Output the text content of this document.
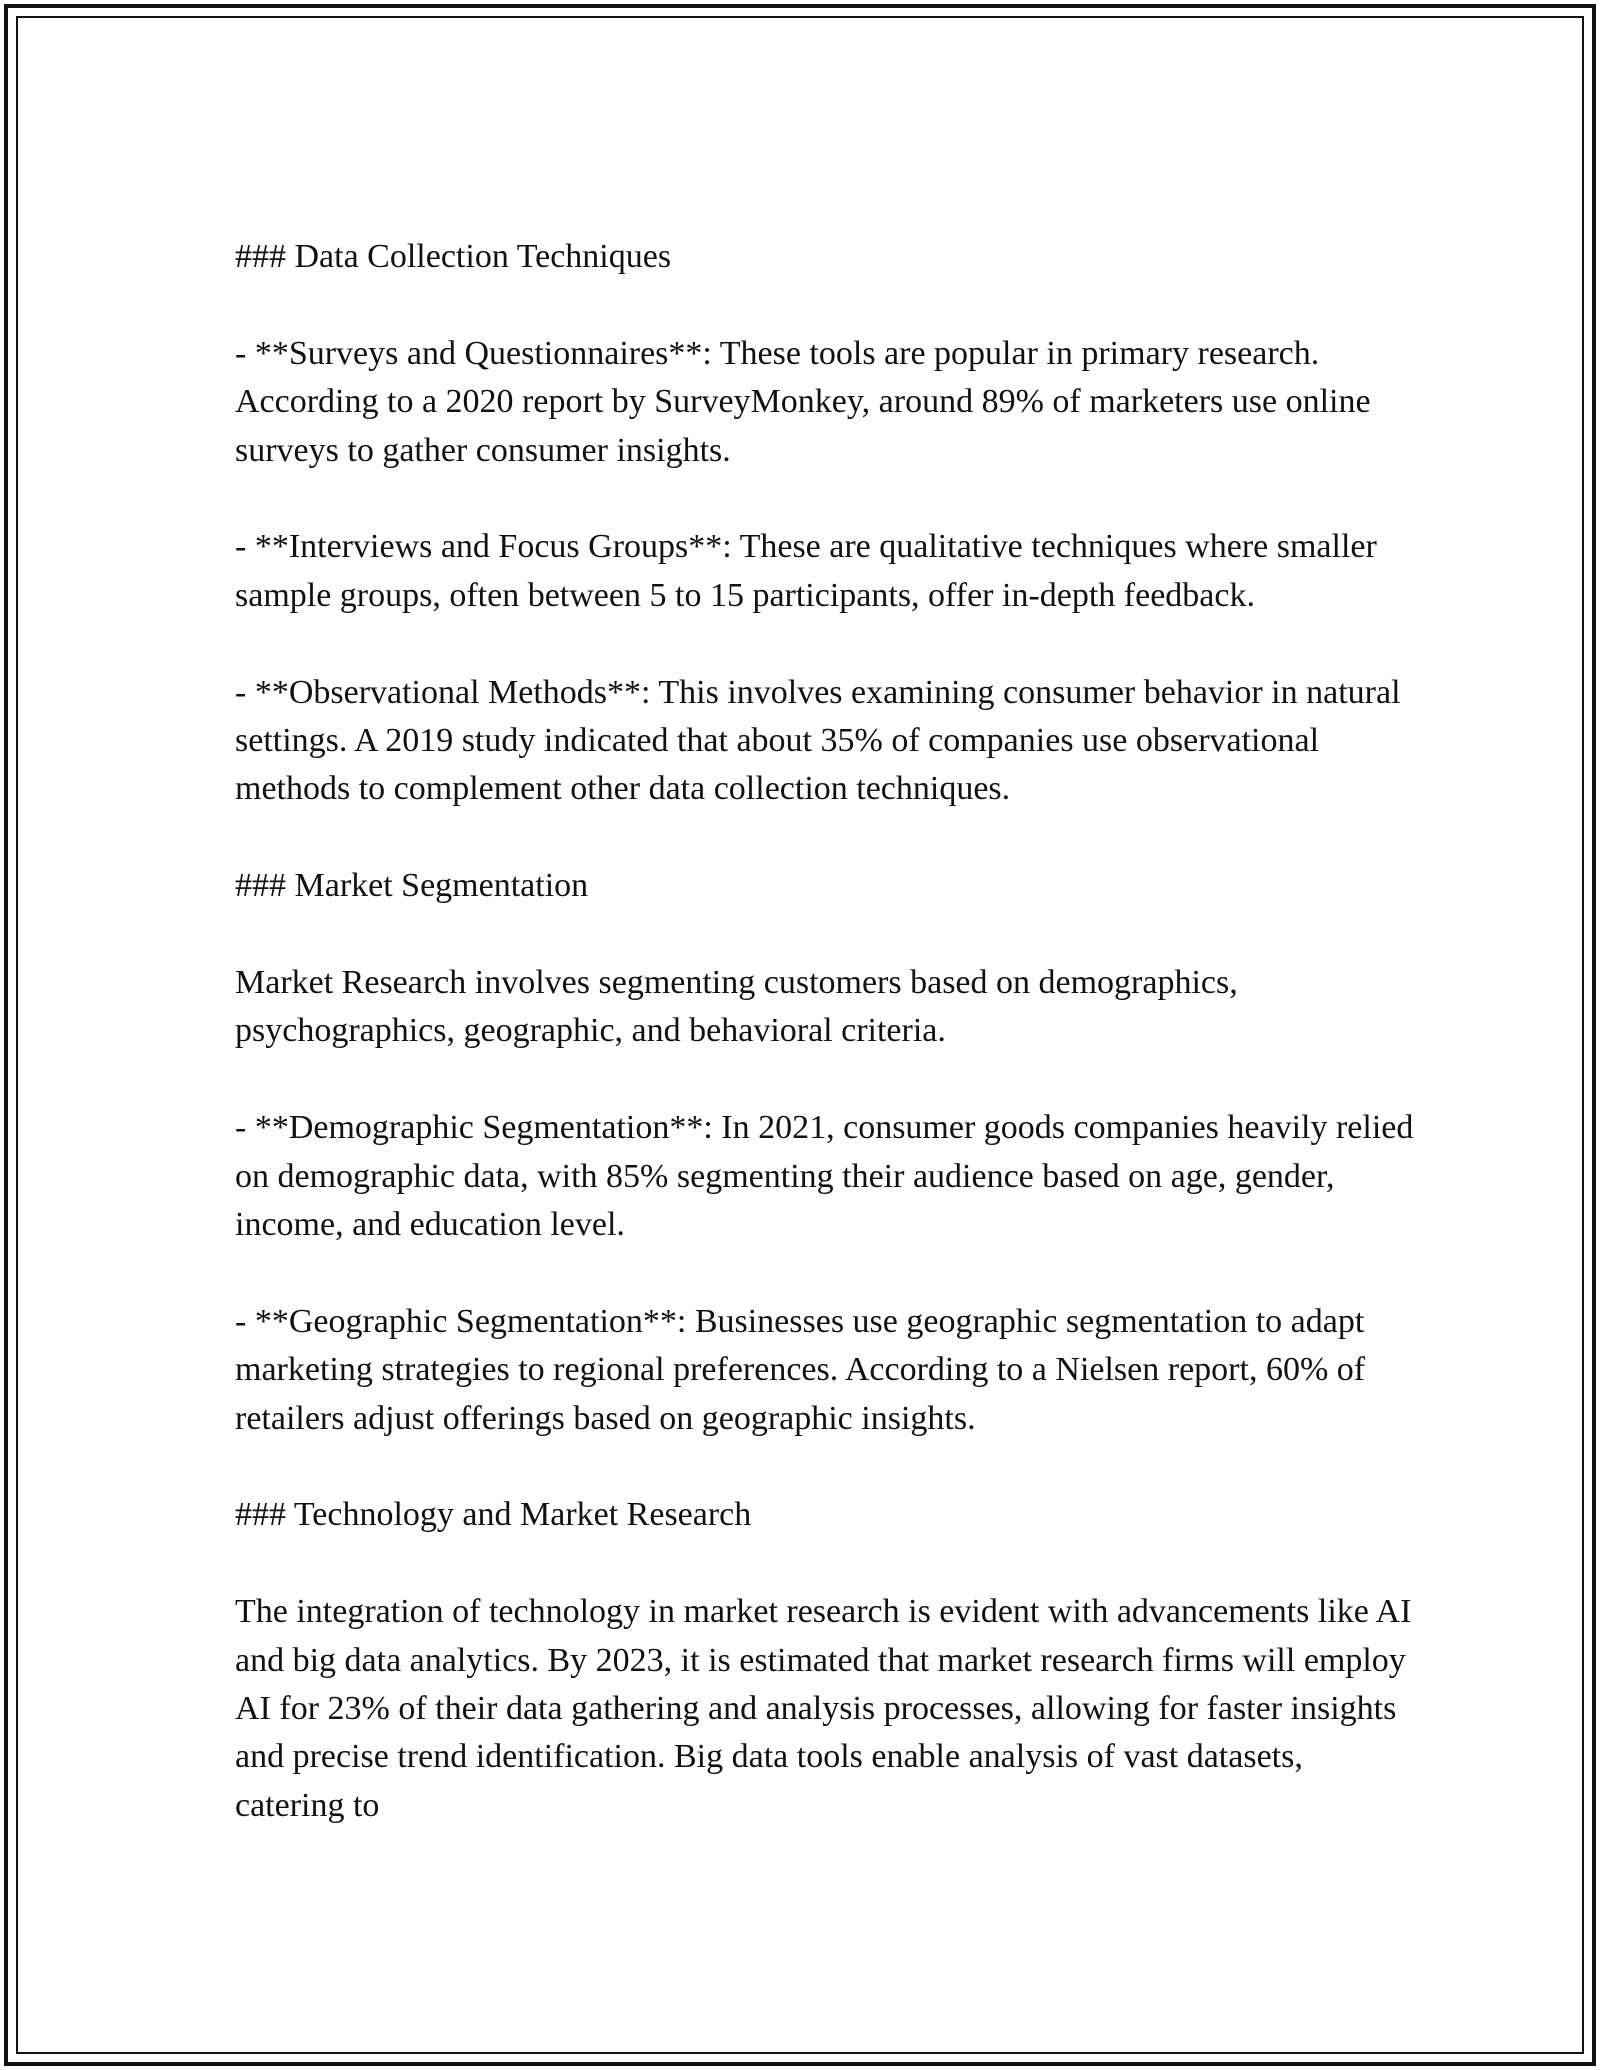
### Data Collection Techniques
- **Surveys and Questionnaires**: These tools are popular in primary research. According to a 2020 report by SurveyMonkey, around 89% of marketers use online surveys to gather consumer insights.
- **Interviews and Focus Groups**: These are qualitative techniques where smaller sample groups, often between 5 to 15 participants, offer in-depth feedback.
- **Observational Methods**: This involves examining consumer behavior in natural settings. A 2019 study indicated that about 35% of companies use observational methods to complement other data collection techniques.
### Market Segmentation
Market Research involves segmenting customers based on demographics, psychographics, geographic, and behavioral criteria.
- **Demographic Segmentation**: In 2021, consumer goods companies heavily relied on demographic data, with 85% segmenting their audience based on age, gender, income, and education level.
- **Geographic Segmentation**: Businesses use geographic segmentation to adapt marketing strategies to regional preferences. According to a Nielsen report, 60% of retailers adjust offerings based on geographic insights.
### Technology and Market Research
The integration of technology in market research is evident with advancements like AI and big data analytics. By 2023, it is estimated that market research firms will employ AI for 23% of their data gathering and analysis processes, allowing for faster insights and precise trend identification. Big data tools enable analysis of vast datasets, catering to
